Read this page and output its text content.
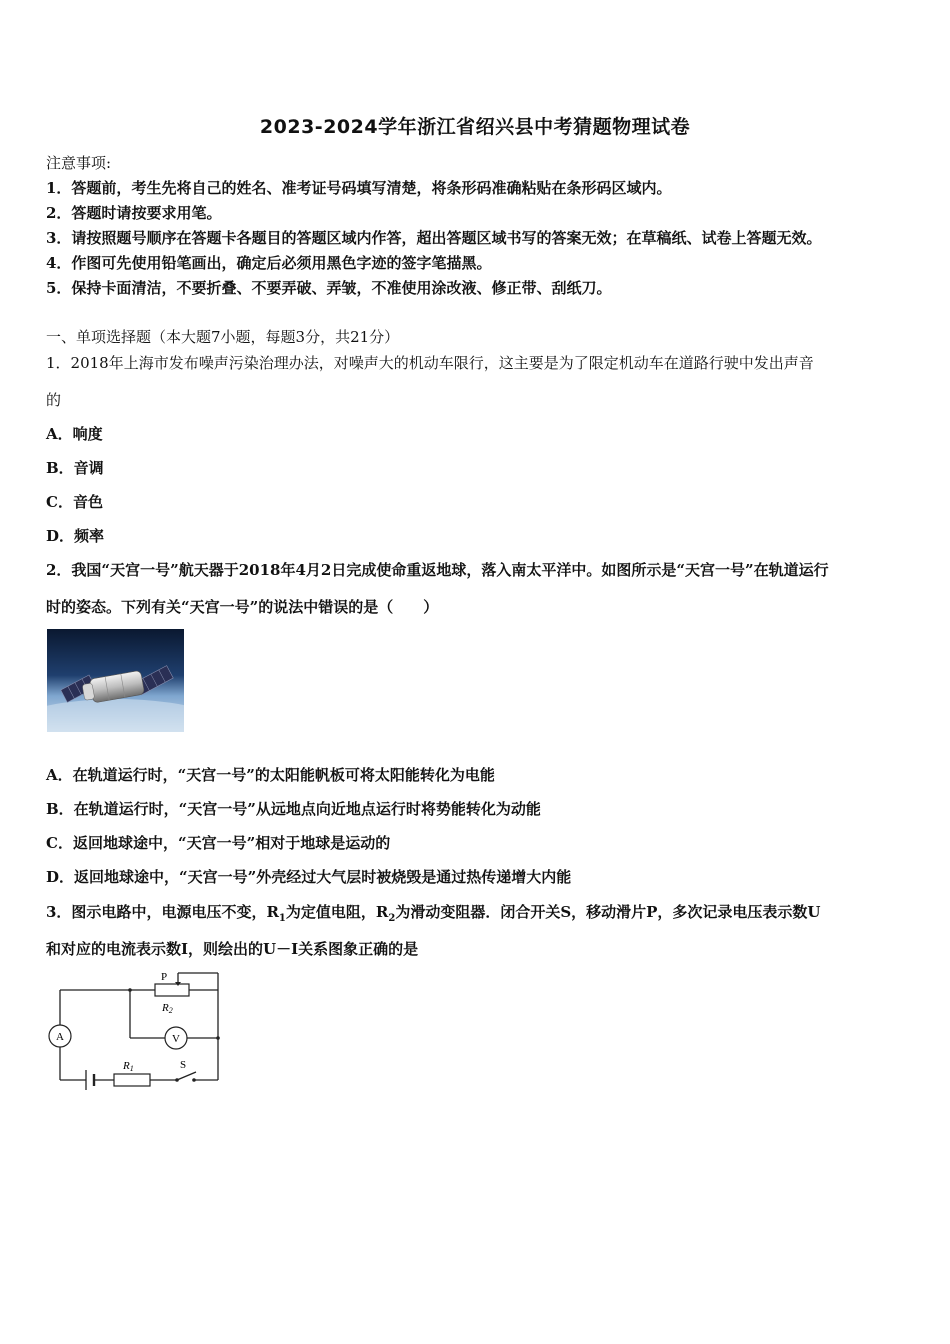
2023-2024学年浙江省绍兴县中考猜题物理试卷
注意事项:
1．答题前，考生先将自己的姓名、准考证号码填写清楚，将条形码准确粘贴在条形码区域内。
2．答题时请按要求用笔。
3．请按照题号顺序在答题卡各题目的答题区域内作答，超出答题区域书写的答案无效；在草稿纸、试卷上答题无效。
4．作图可先使用铅笔画出，确定后必须用黑色字迹的签字笔描黑。
5．保持卡面清洁，不要折叠、不要弄破、弄皱，不准使用涂改液、修正带、刮纸刀。
一、单项选择题（本大题7小题，每题3分，共21分）
1．2018年上海市发布噪声污染治理办法，对噪声大的机动车限行，这主要是为了限定机动车在道路行驶中发出声音
的
A．响度
B．音调
C．音色
D．频率
2．我国“天宫一号”航天器于2018年4月2日完成使命重返地球，落入南太平洋中。如图所示是“天宫一号”在轨道运行
时的姿态。下列有关“天宫一号”的说法中错误的是（　　）
A．在轨道运行时，“天宫一号”的太阳能帆板可将太阳能转化为电能
B．在轨道运行时，“天宫一号”从远地点向近地点运行时将势能转化为动能
C．返回地球途中，“天宫一号”相对于地球是运动的
D．返回地球途中，“天宫一号”外壳经过大气层时被烧毁是通过热传递增大内能
3．图示电路中，电源电压不变，$R_1$为定值电阻，$R_2$为滑动变阻器．闭合开关S，移动滑片P，多次记录电压表示数U
和对应的电流表示数I，则绘出的U－I关系图象正确的是
P
R2
A	V
R1	S
